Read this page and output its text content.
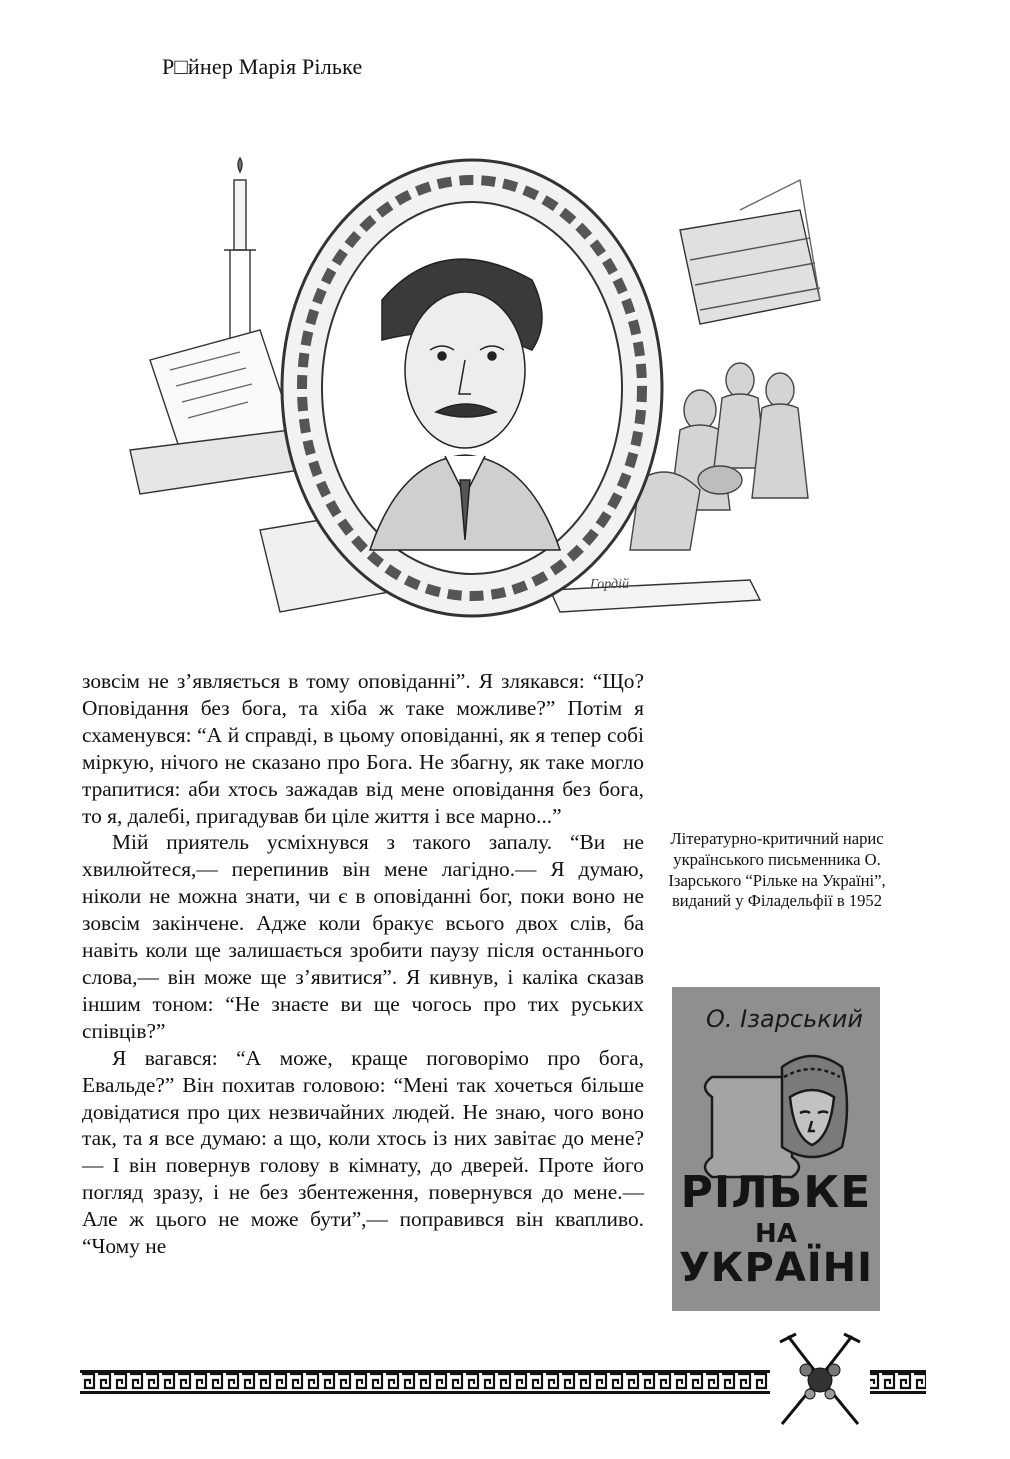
Р□йнер Марія Рільке
Гордій

зовсім не з’являється в тому оповіданні”. Я злякався: “Що? Оповідання без бога, та хіба ж таке можливе?” Потім я схаменувся: “А й справді, в цьому оповіданні, як я тепер собі міркую, нічого не сказано про Бога. Не збагну, як таке могло трапитися: аби хтось зажадав від мене оповідання без бога, то я, далебі, пригадував би ціле життя і все марно...”

Мій приятель усміхнувся з такого запалу. “Ви не хвилюйтеся,— перепинив він мене лагідно.— Я думаю, ніколи не можна знати, чи є в оповіданні бог, поки воно не зовсім закінчене. Адже коли бракує всього двох слів, ба навіть коли ще залишається зробити паузу після останнього слова,— він може ще з’явитися”. Я кивнув, і каліка сказав іншим тоном: “Не знаєте ви ще чогось про тих руських співців?”

Я вагався: “А може, краще поговорімо про бога, Евальде?” Він похитав головою: “Мені так хочеться більше довідатися про цих незвичайних людей. Не знаю, чого воно так, та я все думаю: а що, коли хтось із них завітає до мене? — І він повернув голову в кімнату, до дверей. Проте його погляд зразу, і не без збентеження, повернувся до мене.— Але ж цього не може бути”,— поправився він квапливо. “Чому не

Літературно-критичний нарис українського письменника О. Ізарського “Рільке на Україні”, виданий у Філадельфії в 1952
О. Ізарський
РІЛЬКЕ
НА
УКРАЇНІ
